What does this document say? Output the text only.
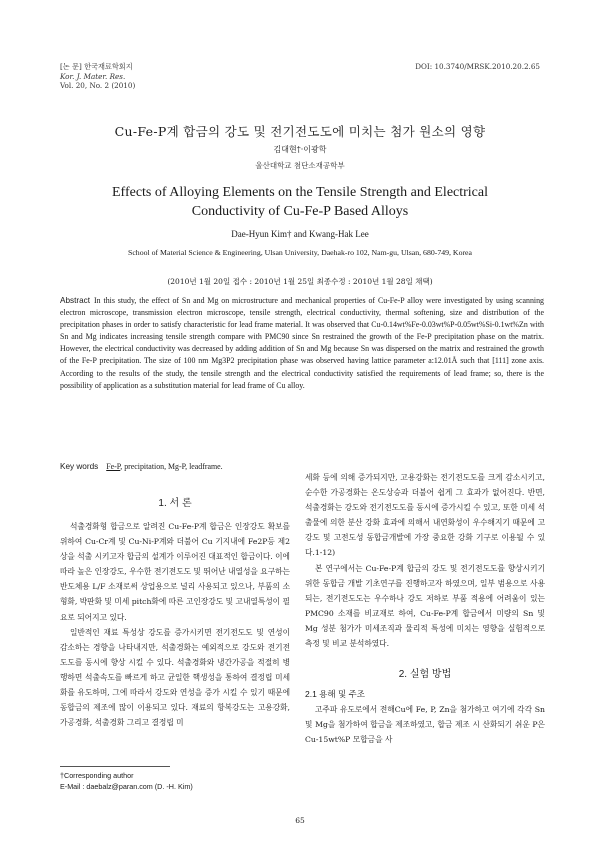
[논 문] 한국재료학회지
Kor. J. Mater. Res.
Vol. 20, No. 2 (2010)
DOI: 10.3740/MRSK.2010.20.2.65
Cu-Fe-P계 합금의 강도 및 전기전도도에 미치는 첨가 원소의 영향
김대현†·이광학
울산대학교 첨단소재공학부
Effects of Alloying Elements on the Tensile Strength and Electrical
Conductivity of Cu-Fe-P Based Alloys
Dae-Hyun Kim† and Kwang-Hak Lee
School of Material Science & Engineering, Ulsan University, Daehak-ro 102, Nam-gu, Ulsan, 680-749, Korea
(2010년 1월 20일 접수 : 2010년 1월 25일 최종수정 : 2010년 1월 28일 채택)
Abstract In this study, the effect of Sn and Mg on microstructure and mechanical properties of Cu-Fe-P alloy were investigated by using scanning electron microscope, transmission electron microscope, tensile strength, electrical conductivity, thermal softening, size and distribution of the precipitation phases in order to satisfy characteristic for lead frame material. It was observed that Cu-0.14wt%Fe-0.03wt%P-0.05wt%Si-0.1wt%Zn with Sn and Mg indicates increasing tensile strength compare with PMC90 since Sn restrained the growth of the Fe-P precipitation phase on the matrix. However, the electrical conductivity was decreased by adding addition of Sn and Mg because Sn was dispersed on the matrix and restrained the growth of the Fe-P precipitation. The size of 100 nm Mg3P2 precipitation phase was observed having lattice parameter a:12.01Å such that [111] zone axis. According to the results of the study, the tensile strength and the electrical conductivity satisfied the requirements of lead frame; so, there is the possibility of application as a substitution material for lead frame of Cu alloy.
Key words Fe-P, precipitation, Mg-P, leadframe.
1. 서 론

석출경화형 합금으로 알려진 Cu-Fe-P계 합금은 인장강도 확보를 위하여 Cu-Cr계 및 Cu-Ni-P계와 더불어 Cu 기지내에 Fe2P등 제2상을 석출 시키고자 합금의 설계가 이루어진 대표적인 합금이다. 이에 따라 높은 인장강도, 우수한 전기전도도 및 뛰어난 내열성을 요구하는 반도체용 L/F 소재로써 상업용으로 널리 사용되고 있으나, 부품의 소형화, 박판화 및 미세 pitch화에 따른 고인장강도 및 고내열특성이 필요로 되어지고 있다.

일반적인 재료 특성상 강도를 증가시키면 전기전도도 및 연성이 감소하는 경향을 나타내지만, 석출경화는 예외적으로 강도와 전기전도도를 동시에 향상 시킬 수 있다. 석출경화와 냉간가공을 적절히 병행하면 석출속도를 빠르게 하고 균일한 핵생성을 통하여 결정립 미세화를 유도하며, 그에 따라서 강도와 연성을 증가 시킬 수 있기 때문에 동합금의 제조에 많이 이용되고 있다. 재료의 항복강도는 고용강화, 가공경화, 석출경화 그리고 결정립 미

세화 등에 의해 증가되지만, 고용강화는 전기전도도를 크게 감소시키고, 순수한 가공경화는 온도상승과 더불어 쉽게 그 효과가 없어진다. 반면, 석출경화는 강도와 전기전도도를 동시에 증가시킬 수 있고, 또한 미세 석출물에 의한 분산 강화 효과에 의해서 내연화성이 우수해지기 때문에 고강도 및 고전도성 동합금개발에 가장 중요한 강화 기구로 이용될 수 있다.1-12)

본 연구에서는 Cu-Fe-P계 합금의 강도 및 전기전도도를 향상시키기 위한 동합금 개발 기초연구를 진행하고자 하였으며, 일부 범용으로 사용되는, 전기전도도는 우수하나 강도 저하로 부품 적용에 어려움이 있는 PMC90 소재를 비교재로 하여, Cu-Fe-P계 합금에서 미량의 Sn 및 Mg 성분 첨가가 미세조직과 물리적 특성에 미치는 영향을 실험적으로 측정 및 비교 분석하였다.

2. 실험 방법
2.1 용해 및 주조

고주파 유도로에서 전해Cu에 Fe, P, Zn을 첨가하고 여기에 각각 Sn 및 Mg을 첨가하여 합금을 제조하였고, 합금 제조 시 산화되기 쉬운 P은 Cu-15wt%P 모합금을 사

†Corresponding author
E-Mail : daebalz@paran.com (D. -H. Kim)
65
